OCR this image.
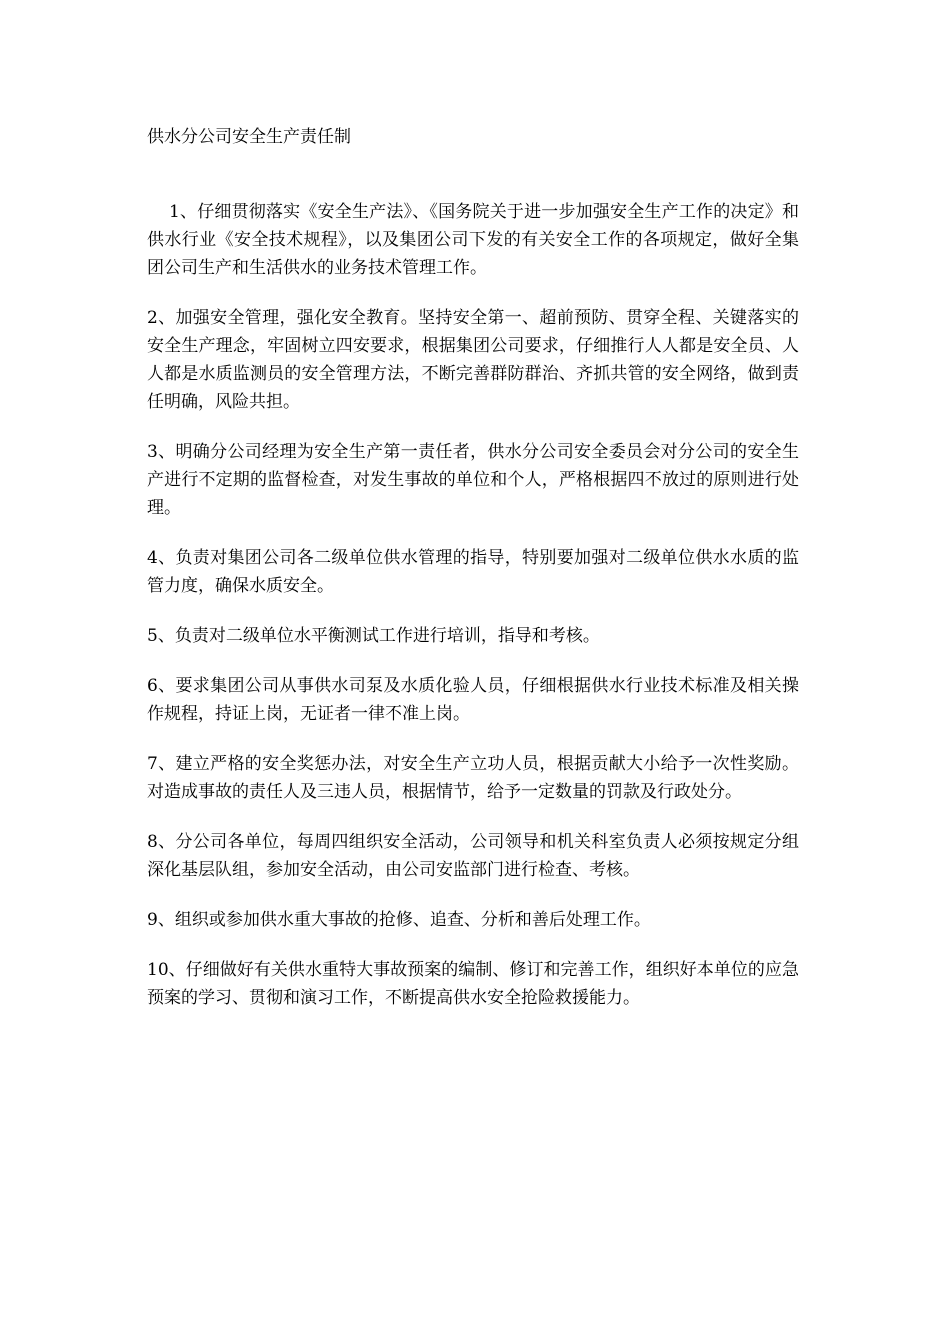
供水分公司安全生产责任制

1、仔细贯彻落实《安全生产法》、《国务院关于进一步加强安全生产工作的决定》和供水行业《安全技术规程》，以及集团公司下发的有关安全工作的各项规定，做好全集团公司生产和生活供水的业务技术管理工作。

2、加强安全管理，强化安全教育。坚持安全第一、超前预防、贯穿全程、关键落实的安全生产理念，牢固树立四安要求，根据集团公司要求，仔细推行人人都是安全员、人人都是水质监测员的安全管理方法，不断完善群防群治、齐抓共管的安全网络，做到责任明确，风险共担。

3、明确分公司经理为安全生产第一责任者，供水分公司安全委员会对分公司的安全生产进行不定期的监督检查，对发生事故的单位和个人，严格根据四不放过的原则进行处理。

4、负责对集团公司各二级单位供水管理的指导，特别要加强对二级单位供水水质的监管力度，确保水质安全。

5、负责对二级单位水平衡测试工作进行培训，指导和考核。

6、要求集团公司从事供水司泵及水质化验人员，仔细根据供水行业技术标准及相关操作规程，持证上岗，无证者一律不准上岗。

7、建立严格的安全奖惩办法，对安全生产立功人员，根据贡献大小给予一次性奖励。对造成事故的责任人及三违人员，根据情节，给予一定数量的罚款及行政处分。

8、分公司各单位，每周四组织安全活动，公司领导和机关科室负责人必须按规定分组深化基层队组，参加安全活动，由公司安监部门进行检查、考核。

9、组织或参加供水重大事故的抢修、追查、分析和善后处理工作。

10、仔细做好有关供水重特大事故预案的编制、修订和完善工作，组织好本单位的应急预案的学习、贯彻和演习工作，不断提高供水安全抢险救援能力。
